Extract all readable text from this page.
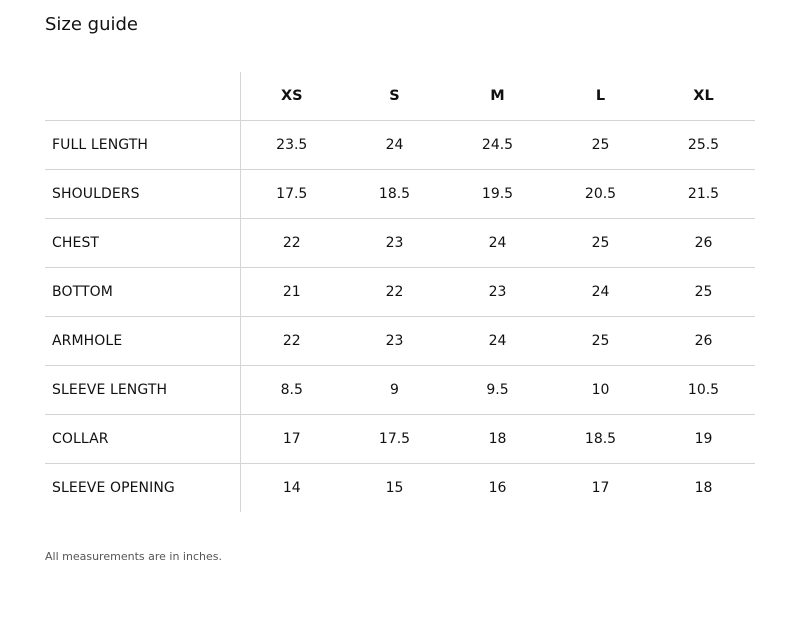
Size guide
	XS	S	M	L	XL
FULL LENGTH	23.5	24	24.5	25	25.5
SHOULDERS	17.5	18.5	19.5	20.5	21.5
CHEST	22	23	24	25	26
BOTTOM	21	22	23	24	25
ARMHOLE	22	23	24	25	26
SLEEVE LENGTH	8.5	9	9.5	10	10.5
COLLAR	17	17.5	18	18.5	19
SLEEVE OPENING	14	15	16	17	18

All measurements are in inches.
